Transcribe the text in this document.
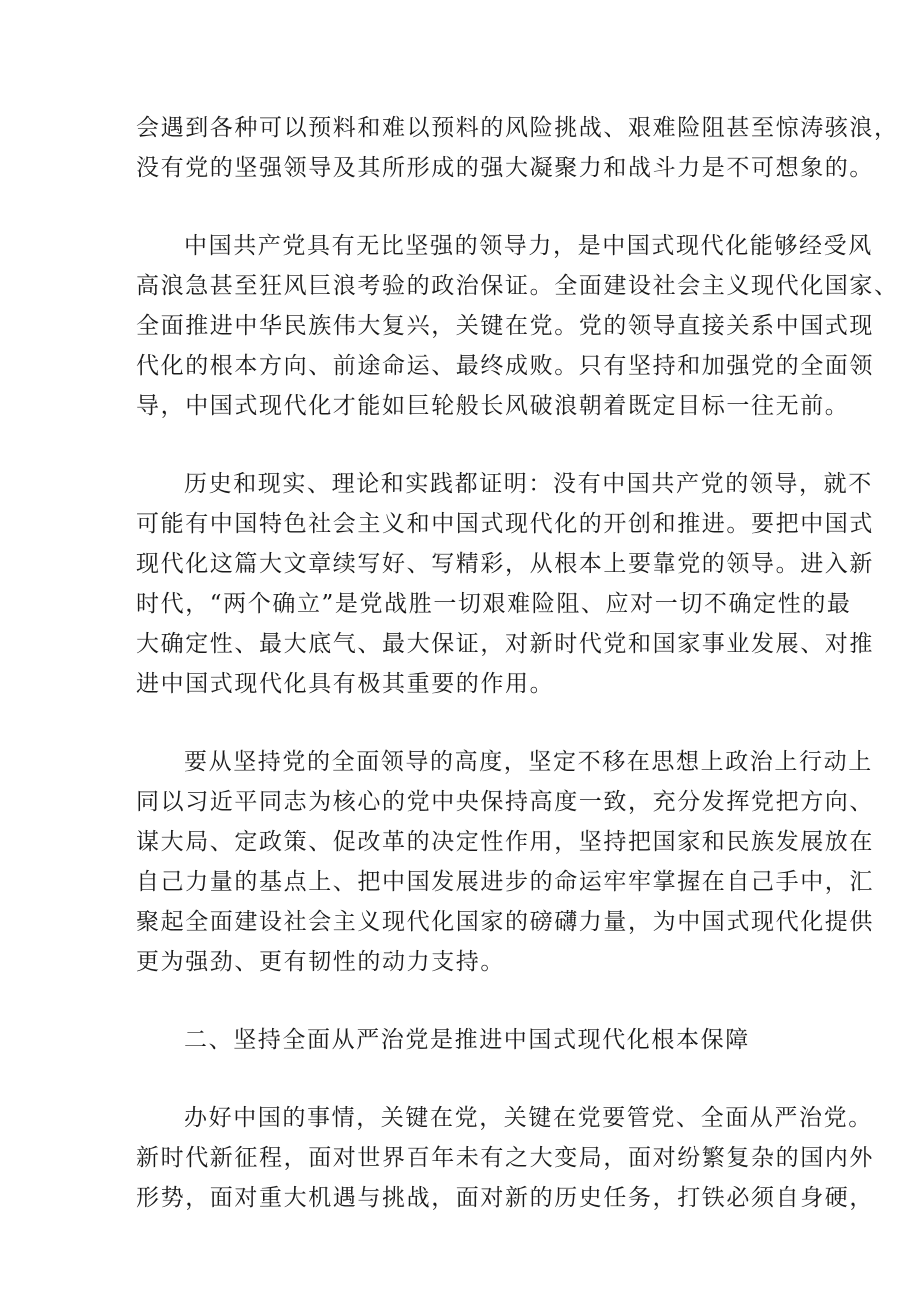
会遇到各种可以预料和难以预料的风险挑战、艰难险阻甚至惊涛骇浪，
没有党的坚强领导及其所形成的强大凝聚力和战斗力是不可想象的。
中国共产党具有无比坚强的领导力，是中国式现代化能够经受风
高浪急甚至狂风巨浪考验的政治保证。全面建设社会主义现代化国家、
全面推进中华民族伟大复兴，关键在党。党的领导直接关系中国式现
代化的根本方向、前途命运、最终成败。只有坚持和加强党的全面领
导，中国式现代化才能如巨轮般长风破浪朝着既定目标一往无前。
历史和现实、理论和实践都证明：没有中国共产党的领导，就不
可能有中国特色社会主义和中国式现代化的开创和推进。要把中国式
现代化这篇大文章续写好、写精彩，从根本上要靠党的领导。进入新
时代，“两个确立”是党战胜一切艰难险阻、应对一切不确定性的最
大确定性、最大底气、最大保证，对新时代党和国家事业发展、对推
进中国式现代化具有极其重要的作用。
要从坚持党的全面领导的高度，坚定不移在思想上政治上行动上
同以习近平同志为核心的党中央保持高度一致，充分发挥党把方向、
谋大局、定政策、促改革的决定性作用，坚持把国家和民族发展放在
自己力量的基点上、把中国发展进步的命运牢牢掌握在自己手中，汇
聚起全面建设社会主义现代化国家的磅礴力量，为中国式现代化提供
更为强劲、更有韧性的动力支持。
二、坚持全面从严治党是推进中国式现代化根本保障
办好中国的事情，关键在党，关键在党要管党、全面从严治党。
新时代新征程，面对世界百年未有之大变局，面对纷繁复杂的国内外
形势，面对重大机遇与挑战，面对新的历史任务，打铁必须自身硬，
